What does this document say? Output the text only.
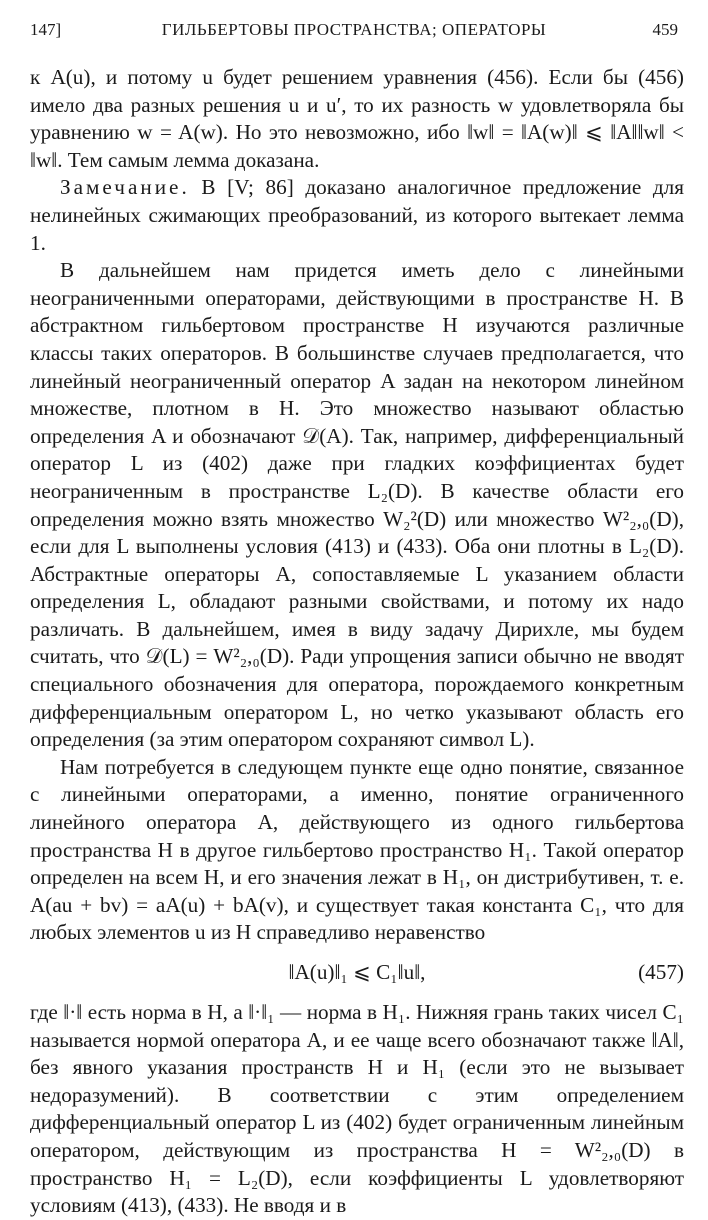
147]	ГИЛЬБЕРТОВЫ ПРОСТРАНСТВА; ОПЕРАТОРЫ	459

к A(u), и потому u будет решением уравнения (456). Если бы (456) имело два разных решения u и u′, то их разность w удовлетворяла бы уравнению w = A(w). Но это невозможно, ибо ‖w‖ = ‖A(w)‖ ⩽ ‖A‖‖w‖ < ‖w‖. Тем самым лемма доказана.

Замечание. В [V; 86] доказано аналогичное предложение для нелинейных сжимающих преобразований, из которого вытекает лемма 1.

В дальнейшем нам придется иметь дело с линейными неограниченными операторами, действующими в пространстве H. В абстрактном гильбертовом пространстве H изучаются различные классы таких операторов. В большинстве случаев предполагается, что линейный неограниченный оператор A задан на некотором линейном множестве, плотном в H. Это множество называют областью определения A и обозначают 𝒟(A). Так, например, дифференциальный оператор L из (402) даже при гладких коэффициентах будет неограниченным в пространстве L₂(D). В качестве области его определения можно взять множество W₂²(D) или множество W²₂,₀(D), если для L выполнены условия (413) и (433). Оба они плотны в L₂(D). Абстрактные операторы A, сопоставляемые L указанием области определения L, обладают разными свойствами, и потому их надо различать. В дальнейшем, имея в виду задачу Дирихле, мы будем считать, что 𝒟(L) = W²₂,₀(D). Ради упрощения записи обычно не вводят специального обозначения для оператора, порождаемого конкретным дифференциальным оператором L, но четко указывают область его определения (за этим оператором сохраняют символ L).

Нам потребуется в следующем пункте еще одно понятие, связанное с линейными операторами, а именно, понятие ограниченного линейного оператора A, действующего из одного гильбертова пространства H в другое гильбертово пространство H₁. Такой оператор определен на всем H, и его значения лежат в H₁, он дистрибутивен, т. е. A(au + bv) = aA(u) + bA(v), и существует такая константа C₁, что для любых элементов u из H справедливо неравенство

‖A(u)‖₁ ⩽ C₁‖u‖,	(457)

где ‖·‖ есть норма в H, а ‖·‖₁ — норма в H₁. Нижняя грань таких чисел C₁ называется нормой оператора A, и ее чаще всего обозначают также ‖A‖, без явного указания пространств H и H₁ (если это не вызывает недоразумений). В соответствии с этим определением дифференциальный оператор L из (402) будет ограниченным линейным оператором, действующим из пространства H = W²₂,₀(D) в пространство H₁ = L₂(D), если коэффициенты L удовлетворяют условиям (413), (433). Не вводя и в
